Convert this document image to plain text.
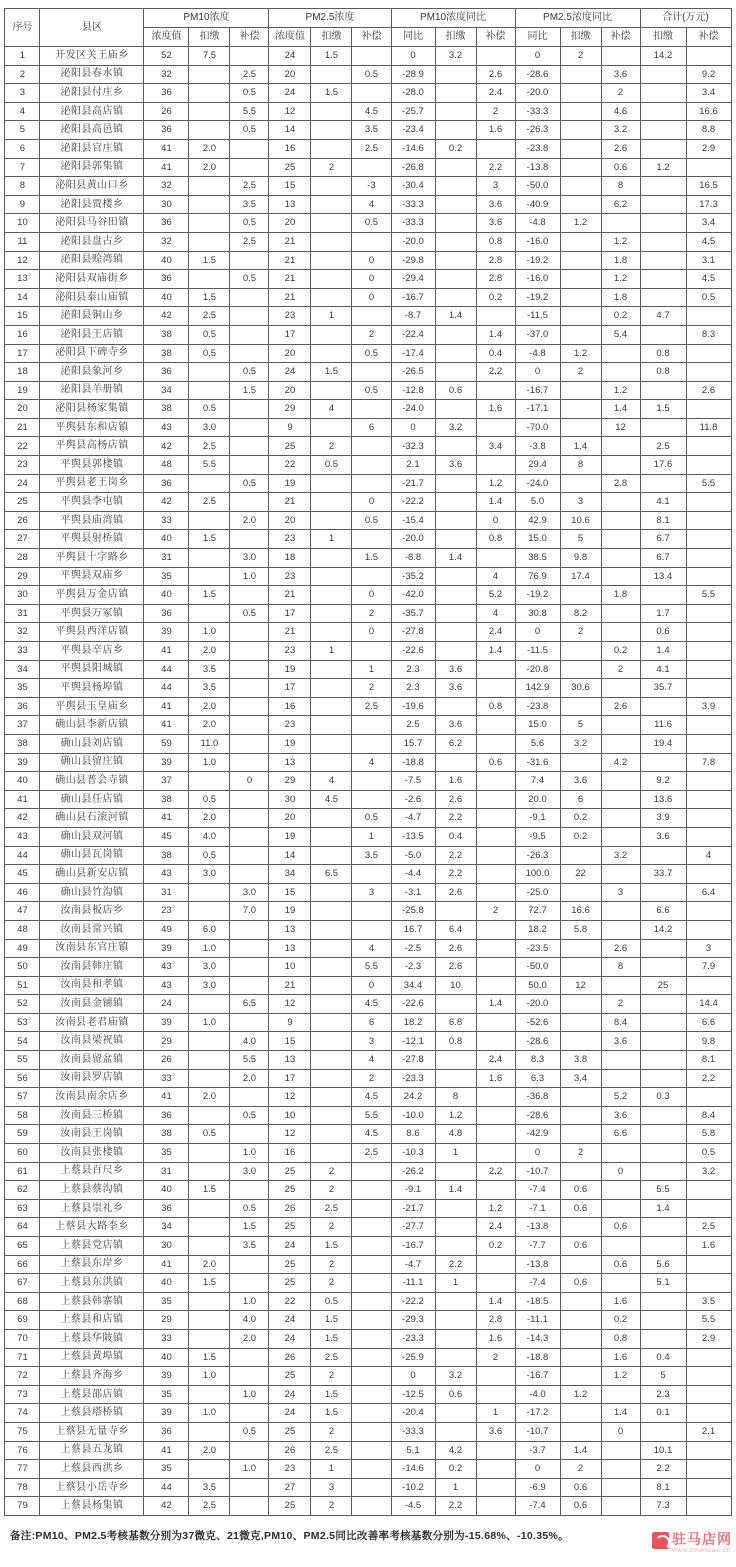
序号	县区	PM10浓度			PM2.5浓度			PM10浓度同比			PM2.5浓度同比			合计(万元)	
		浓度值	扣缴	补偿	浓度值	扣缴	补偿	同比	扣缴	补偿	同比	扣缴	补偿	扣缴	补偿
1	开发区关王庙乡	52	7.5		24	1.5		0	3.2		0	2		14.2	
2	泌阳县春水镇	32		2.5	20		0.5	-28.9		2.6	-28.6		3.6		9.2
3	泌阳县付庄乡	36		0.5	24	1.5		-28.0		2.4	-20.0		2		3.4
4	泌阳县高店镇	26		5.5	12		4.5	-25.7		2	-33.3		4.6		16.6
5	泌阳县高邑镇	36		0.5	14		3.5	-23.4		1.6	-26.3		3.2		8.8
6	泌阳县官庄镇	41	2.0		16		2.5	-14.6	0.2		-23.8		2.6		2.9
7	泌阳县郭集镇	41	2.0		25	2		-26.8		2.2	-13.8		0.6	1.2	
8	泌阳县黄山口乡	32		2.5	15		-3	-30.4		3	-50.0		8		16.5
9	泌阳县贾楼乡	30		3.5	13		4	-33.3		3.6	-40.9		6.2		17.3
10	泌阳县马谷田镇	36		0.5	20		0.5	-33.3		3.6	-4.8	1.2			3.4
11	泌阳县盘古乡	32		2.5	21			-20.0		0.8	-16.0		1.2		4.5
12	泌阳县赊湾镇	40	1.5		21		0	-29.8		2.8	-19.2		1.8		3.1
13	泌阳县双庙街乡	36		0.5	21		0	-29.4		2.8	-16.0		1.2		4.5
14	泌阳县泰山庙镇	40	1.5		21		0	-16.7		0.2	-19.2		1.8		0.5
15	泌阳县铜山乡	42	2.5		23	1		-8.7	1.4		-11.5		0.2	4.7	
16	泌阳县王店镇	38	0.5		17		2	-22.4		1.4	-37.0		5.4		8.3
17	泌阳县下碑寺乡	38	0.5		20		0.5	-17.4		0.4	-4.8	1.2		0.8	
18	泌阳县象河乡	36		0.5	24	1.5		-26.5		2.2	0	2		0.8	
19	泌阳县羊册镇	34		1.5	20		0.5	-12.8	0.6		-16.7		1.2		2.6
20	泌阳县杨家集镇	38	0.5		29	4		-24.0		1.6	-17.1		1.4	1.5	
21	平舆县东和店镇	43	3.0		9		6	0	3.2		-70.0		12		11.8
22	平舆县高杨店镇	42	2.5		25	2		-32.3		3.4	-3.8	1.4		2.5	
23	平舆县郭楼镇	48	5.5		22	0.5		2.1	3.6		29.4	8		17.6	
24	平舆县老王岗乡	36		0.5	19			-21.7		1.2	-24.0		2.8		5.5
25	平舆县李屯镇	42	2.5		21		0	-22.2		1.4	5.0	3		4.1	
26	平舆县庙湾镇	33		2.0	20		0.5	-15.4		0	42.9	10.6		8.1	
27	平舆县射桥镇	40	1.5		23	1		-20.0		0.8	15.0	5		6.7	
28	平舆县十字路乡	31		3.0	18		1.5	-8.8	1.4		38.5	9.8		6.7	
29	平舆县双庙乡	35		1.0	23			-35.2		4	76.9	17.4		13.4	
30	平舆县万金店镇	40	1.5		21		0	-42.0		5.2	-19.2		1.8		5.5
31	平舆县万冢镇	36		0.5	17		2	-35.7		4	30.8	8.2		1.7	
32	平舆县西洋店镇	39	1.0		21		0	-27.8		2.4	0	2		0.6	
33	平舆县辛店乡	41	2.0		23	1		-22.6		1.4	-11.5		0.2	1.4	
34	平舆县阳城镇	44	3.5		19		1	2.3	3.6		-20.8		2	4.1	
35	平舆县杨埠镇	44	3.5		17		2	2.3	3.6		142.9	30.6		35.7	
36	平舆县玉皇庙乡	41	2.0		16		2.5	-19.6		0.8	-23.8		2.6		3.9
37	确山县李新店镇	41	2.0		23			2.5	3.6		15.0	5		11.6	
38	确山县刘店镇	59	11.0		19			15.7	6.2		5.6	3.2		19.4	
39	确山县留庄镇	39	1.0		13		4	-18.8		0.6	-31.6		4.2		7.8
40	确山县普会寺镇	37		0	29	4		-7.5	1.6		7.4	3.6		9.2	
41	确山县任店镇	38	0.5		30	4.5		-2.6	2.6		20.0	6		13.6	
42	确山县石滚河镇	41	2.0		20		0.5	-4.7	2.2		-9.1	0.2		3.9	
43	确山县双河镇	45	4.0		19		1	-13.5	0.4		-9.5	0.2		3.6	
44	确山县瓦岗镇	38	0.5		14		3.5	-5.0	2.2		-26.3		3.2		4
45	确山县新安店镇	43	3.0		34	6.5		-4.4	2.2		100.0	22		33.7	
46	确山县竹沟镇	31		3.0	15		3	-3.1	2.6		-25.0		3		6.4
47	汝南县板店乡	23		7.0	19			-25.8		2	72.7	16.6		6.6	
48	汝南县常兴镇	49	6.0		13			16.7	6.4		18.2	5.8		14.2	
49	汝南县东官庄镇	39	1.0		13		4	-2.5	2.6		-23.5		2.6		3
50	汝南县韩庄镇	43	3.0		10		5.5	-2.3	2.6		-50.0		8		7.9
51	汝南县和孝镇	43	3.0		21		0	34.4	10		50.0	12		25	
52	汝南县金铺镇	24		6.5	12		4.5	-22.6		1.4	-20.0		2		14.4
53	汝南县老君庙镇	39	1.0		9		6	18.2	6.8		-52.6		8.4		6.6
54	汝南县梁祝镇	29		4.0	15		3	-12.1	0.8		-28.6		3.6		9.8
55	汝南县留盆镇	26		5.5	13		4	-27.8		2.4	8.3	3.8			8.1
56	汝南县罗店镇	33		2.0	17		2	-23.3		1.6	6.3	3.4			2.2
57	汝南县南余店乡	41	2.0		12		4.5	24.2	8		-36.8		5.2	0.3	
58	汝南县三桥镇	36		0.5	10		5.5	-10.0	1.2		-28.6		3.6		8.4
59	汝南县王岗镇	38	0.5		12		4.5	8.6	4.8		-42.9		6.6		5.8
60	汝南县张楼镇	35		1.0	16		2.5	-10.3	1		0	2			0.5
61	上蔡县百尺乡	31		3.0	25	2		-26.2		2.2	-10.7		0		3.2
62	上蔡县蔡沟镇	40	1.5		25	2		-9.1	1.4		-7.4	0.6		5.5	
63	上蔡县崇礼乡	36		0.5	26	2.5		-21.7		1.2	-7.1	0.6		1.4	
64	上蔡县大路李乡	34		1.5	25	2		-27.7		2.4	-13.8		0.6		2.5
65	上蔡县党店镇	30		3.5	24	1.5		-16.7		0.2	-7.7	0.6			1.6
66	上蔡县东岸乡	41	2.0		25	2		-4.7	2.2		-13.8		0.6	5.6	
67	上蔡县东洪镇	40	1.5		25	2		-11.1	1		-7.4	0.6		5.1	
68	上蔡县韩寨镇	35		1.0	22	0.5		-22.2		1.4	-18.5		1.6		3.5
69	上蔡县和店镇	29		4.0	24	1.5		-29.3		2.8	-11.1		0.2		5.5
70	上蔡县华陂镇	33		2.0	24	1.5		-23.3		1.6	-14.3		0.8		2.9
71	上蔡县黄埠镇	40	1.5		26	2.5		-25.9		2	-18.8		1.6	0.4	
72	上蔡县齐海乡	39	1.0		25	2		0	3.2		-16.7		1.2	5	
73	上蔡县邵店镇	35		1.0	24	1.5		-12.5	0.6		-4.0	1.2		2.3	
74	上蔡县塔桥镇	39	1.0		24	1.5		-20.4		1	-17.2		1.4	0.1	
75	上蔡县无量寺乡	36		0.5	25	2		-33.3		3.6	-10.7		0		2.1
76	上蔡县五龙镇	41	2.0		26	2.5		5.1	4.2		-3.7	1.4		10.1	
77	上蔡县西洪乡	35		1.0	23	1		-14.6	0.2		0	2		2.2	
78	上蔡县小岳寺乡	44	3.5		27	3		-10.2	1		-6.9	0.6		8.1	
79	上蔡县杨集镇	42	2.5		25	2		-4.5	2.2		-7.4	0.6		7.3	
备注:PM10、PM2.5考核基数分别为37微克、21微克,PM10、PM2.5同比改善率考核基数分别为-15.68%、-10.35%。	驻马店网
www.zmdnews.cn
